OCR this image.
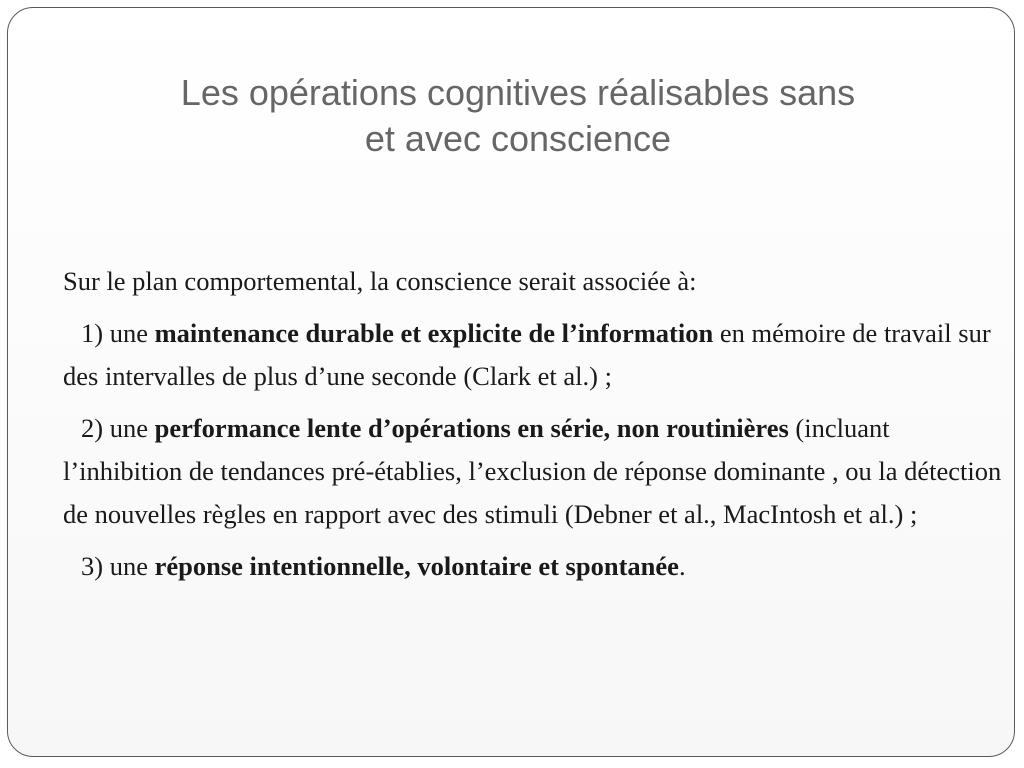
Les opérations cognitives réalisables sans
et avec conscience

Sur le plan comportemental, la conscience serait associée à:

1) une maintenance durable et explicite de l’information en mémoire de travail sur des intervalles de plus d’une seconde (Clark et al.) ;

2) une performance lente d’opérations en série, non routinières (incluant l’inhibition de tendances pré-établies, l’exclusion de réponse dominante , ou la détection de nouvelles règles en rapport avec des stimuli (Debner et al., MacIntosh et al.) ;

3) une réponse intentionnelle, volontaire et spontanée.
